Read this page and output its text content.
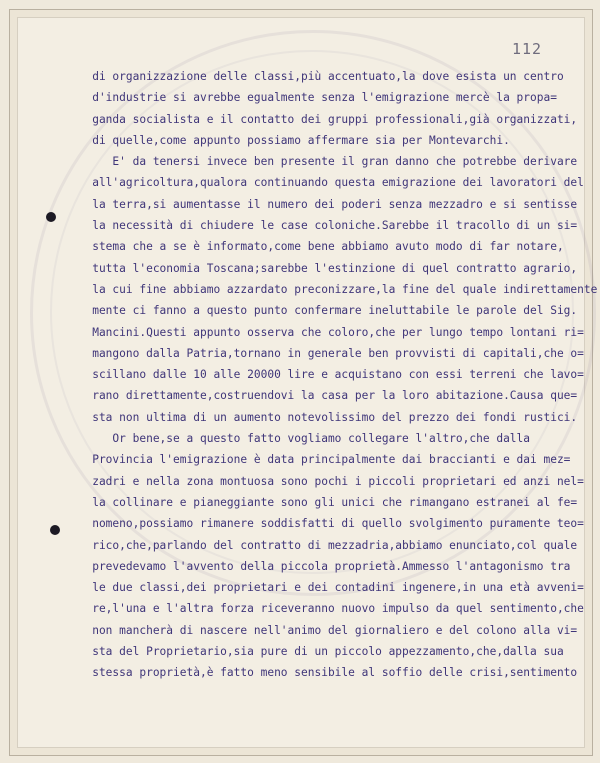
112
di organizzazione delle classi,più accentuato,la dove esista un centro
d'industrie si avrebbe egualmente senza l'emigrazione mercè la propa=
ganda socialista e il contatto dei gruppi professionali,già organizzati,
di quelle,come appunto possiamo affermare sia per Montevarchi.
E' da tenersi invece ben presente il gran danno che potrebbe derivare
all'agricoltura,qualora continuando questa emigrazione dei lavoratori del
la terra,si aumentasse il numero dei poderi senza mezzadro e si sentisse
la necessità di chiudere le case coloniche.Sarebbe il tracollo di un si=
stema che a se è informato,come bene abbiamo avuto modo di far notare,
tutta l'economia Toscana;sarebbe l'estinzione di quel contratto agrario,
la cui fine abbiamo azzardato preconizzare,la fine del quale indirettamente
mente ci fanno a questo punto confermare ineluttabile le parole del Sig.
Mancini.Questi appunto osserva che coloro,che per lungo tempo lontani ri=
mangono dalla Patria,tornano in generale ben provvisti di capitali,che o=
scillano dalle 10 alle 20000 lire e acquistano con essi terreni che lavo=
rano direttamente,costruendovi la casa per la loro abitazione.Causa que=
sta non ultima di un aumento notevolissimo del prezzo dei fondi rustici.
Or bene,se a questo fatto vogliamo collegare l'altro,che dalla
Provincia l'emigrazione è data principalmente dai braccianti e dai mez=
zadri e nella zona montuosa sono pochi i piccoli proprietari ed anzi nel=
la collinare e pianeggiante sono gli unici che rimangano estranei al fe=
nomeno,possiamo rimanere soddisfatti di quello svolgimento puramente teo=
rico,che,parlando del contratto di mezzadria,abbiamo enunciato,col quale
prevedevamo l'avvento della piccola proprietà.Ammesso l'antagonismo tra
le due classi,dei proprietari e dei contadini ingenere,in una età avveni=
re,l'una e l'altra forza riceveranno nuovo impulso da quel sentimento,che
non mancherà di nascere nell'animo del giornaliero e del colono alla vi=
sta del Proprietario,sia pure di un piccolo appezzamento,che,dalla sua
stessa proprietà,è fatto meno sensibile al soffio delle crisi,sentimento
